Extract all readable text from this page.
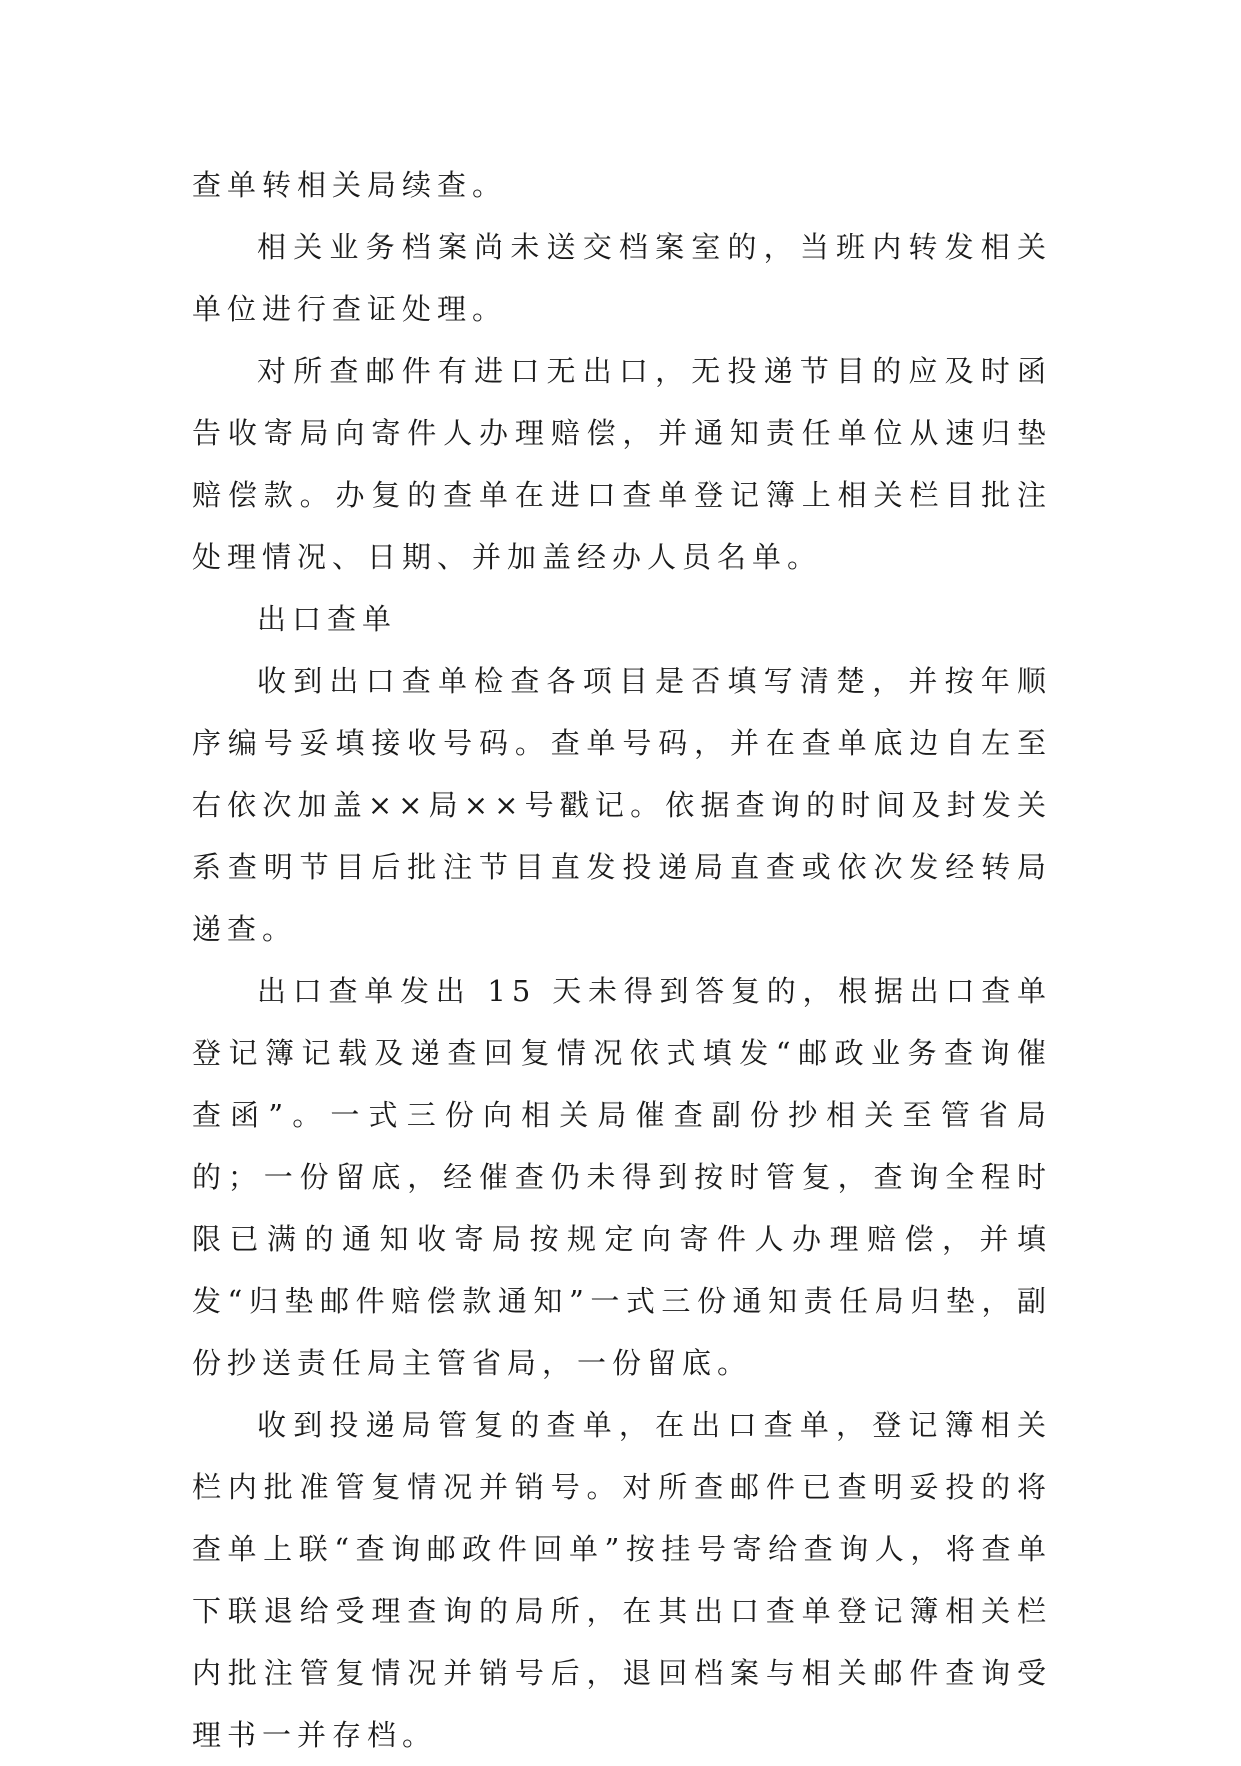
查单转相关局续查。

相关业务档案尚未送交档案室的，当班内转发相关单位进行查证处理。

对所查邮件有进口无出口，无投递节目的应及时函告收寄局向寄件人办理赔偿，并通知责任单位从速归垫赔偿款。办复的查单在进口查单登记簿上相关栏目批注处理情况、日期、并加盖经办人员名单。

出口查单

收到出口查单检查各项目是否填写清楚，并按年顺序编号妥填接收号码。查单号码，并在查单底边自左至右依次加盖××局××号戳记。依据查询的时间及封发关系查明节目后批注节目直发投递局直查或依次发经转局递查。

出口查单发出 15 天未得到答复的，根据出口查单登记簿记载及递查回复情况依式填发“邮政业务查询催查函”。一式三份向相关局催查副份抄相关至管省局的；一份留底，经催查仍未得到按时管复，查询全程时限已满的通知收寄局按规定向寄件人办理赔偿，并填发“归垫邮件赔偿款通知”一式三份通知责任局归垫，副份抄送责任局主管省局，一份留底。

收到投递局管复的查单，在出口查单，登记簿相关栏内批准管复情况并销号。对所查邮件已查明妥投的将查单上联“查询邮政件回单”按挂号寄给查询人，将查单下联退给受理查询的局所，在其出口查单登记簿相关栏内批注管复情况并销号后，退回档案与相关邮件查询受理书一并存档。
